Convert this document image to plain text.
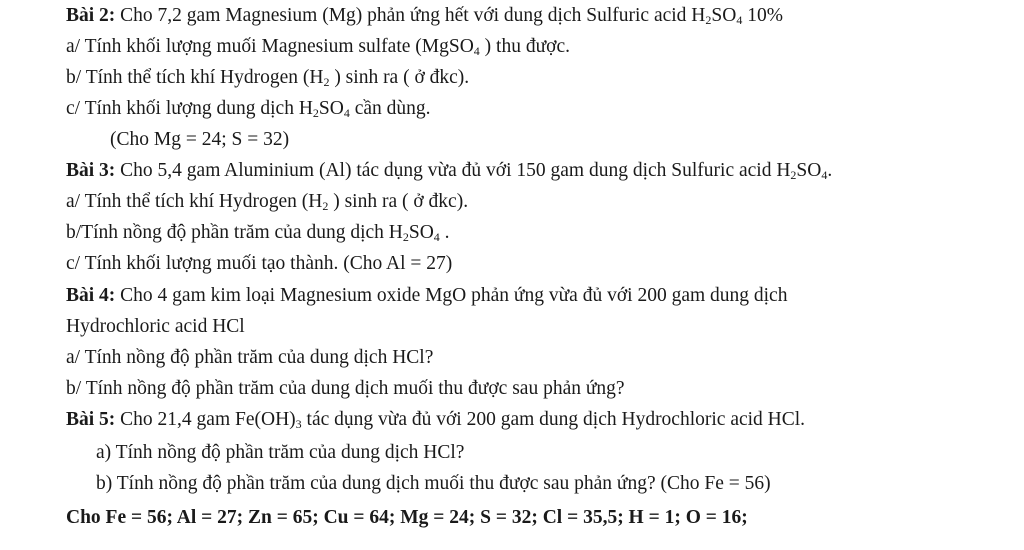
Bài 2: Cho 7,2 gam Magnesium (Mg) phản ứng hết với dung dịch Sulfuric acid $H_2SO_4$ 10%
a/ Tính khối lượng muối Magnesium sulfate (MgSO$_4$ ) thu được.
b/ Tính thể tích khí Hydrogen ($H_2$ ) sinh ra ( ở đkc).
c/ Tính khối lượng dung dịch $H_2SO_4$ cần dùng.
(Cho Mg = 24; S = 32)
Bài 3: Cho 5,4 gam Aluminium (Al) tác dụng vừa đủ với 150 gam dung dịch Sulfuric acid $H_2SO_4$.
a/ Tính thể tích khí Hydrogen ($H_2$ ) sinh ra ( ở đkc).
b/Tính nồng độ phần trăm của dung dịch $H_2SO_4$ .
c/ Tính khối lượng muối tạo thành. (Cho Al = 27)
Bài 4: Cho 4 gam kim loại Magnesium oxide MgO phản ứng vừa đủ với 200 gam dung dịch
Hydrochloric acid HCl
a/ Tính nồng độ phần trăm của dung dịch HCl?
b/ Tính nồng độ phần trăm của dung dịch muối thu được sau phản ứng?
Bài 5: Cho 21,4 gam $Fe(OH)_3$ tác dụng vừa đủ với 200 gam dung dịch Hydrochloric acid HCl.
a) Tính nồng độ phần trăm của dung dịch HCl?
b) Tính nồng độ phần trăm của dung dịch muối thu được sau phản ứng? (Cho Fe = 56)
Cho Fe = 56; Al = 27; Zn = 65; Cu = 64; Mg = 24; S = 32; Cl = 35,5; H = 1; O = 16;
